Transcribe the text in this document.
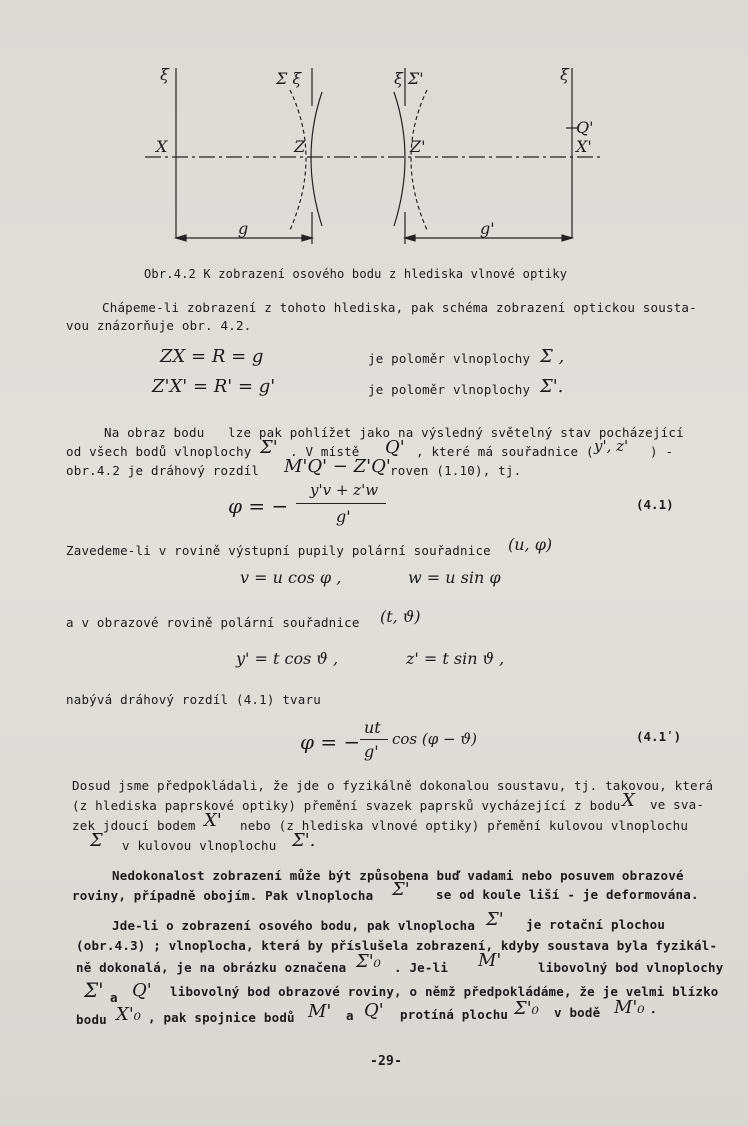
ξ	Σ ξ	ξ Σ'	ξ
X	Z	Z'
Q'
X'
g	g'
Obr.4.2 K zobrazení osového bodu z hlediska vlnové optiky
Chápeme-li zobrazení z tohoto hlediska, pak schéma zobrazení optickou sousta-
vou znázorňuje obr. 4.2.
ZX = R = g	je poloměr vlnoplochy Σ ,
Z'X' = R' = g'	je poloměr vlnoplochy Σ'.
Na obraz bodu lze pak pohlížet jako na výsledný světelný stav pocházející
od všech bodů vlnoplochy Σ' . V místě Q' , které má souřadnice ( y', z' ) -
obr.4.2 je dráhový rozdíl M'Q' − Z'Q' roven (1.10), tj.
φ = −
y'v + z'w
g'
(4.1)
Zavedeme-li v rovině výstupní pupily polární souřadnice (u, φ)
v = u cos φ ,	w = u sin φ
a v obrazové rovině polární souřadnice (t, ϑ)
y' = t cos ϑ ,	z' = t sin ϑ ,
nabývá dráhový rozdíl (4.1) tvaru
φ = −
ut
g'
cos (φ − ϑ)	(4.1ʹ)
Dosud jsme předpokládali, že jde o fyzikálně dokonalou soustavu, tj. takovou, která
(z hlediska paprskové optiky) přemění svazek paprsků vycházející z bodu X ve sva-
zek jdoucí bodem X' nebo (z hlediska vlnové optiky) přemění kulovou vlnoplochu
Σ v kulovou vlnoplochu Σ'.
Nedokonalost zobrazení může být způsobena buď vadami nebo posuvem obrazové
roviny, případně obojím. Pak vlnoplocha Σ' se od koule liší - je deformována.
Jde-li o zobrazení osového bodu, pak vlnoplocha Σ' je rotační plochou
(obr.4.3) ; vlnoplocha, která by příslušela zobrazení, kdyby soustava byla fyzikál-
ně dokonalá, je na obrázku označena Σ'₀ . Je-li M'	libovolný bod vlnoplochy
Σ' a Q' libovolný bod obrazové roviny, o němž předpokládáme, že je velmi blízko
bodu X'₀ , pak spojnice bodů M' a Q' protíná plochu Σ'₀ v bodě M'₀ .
-29-
